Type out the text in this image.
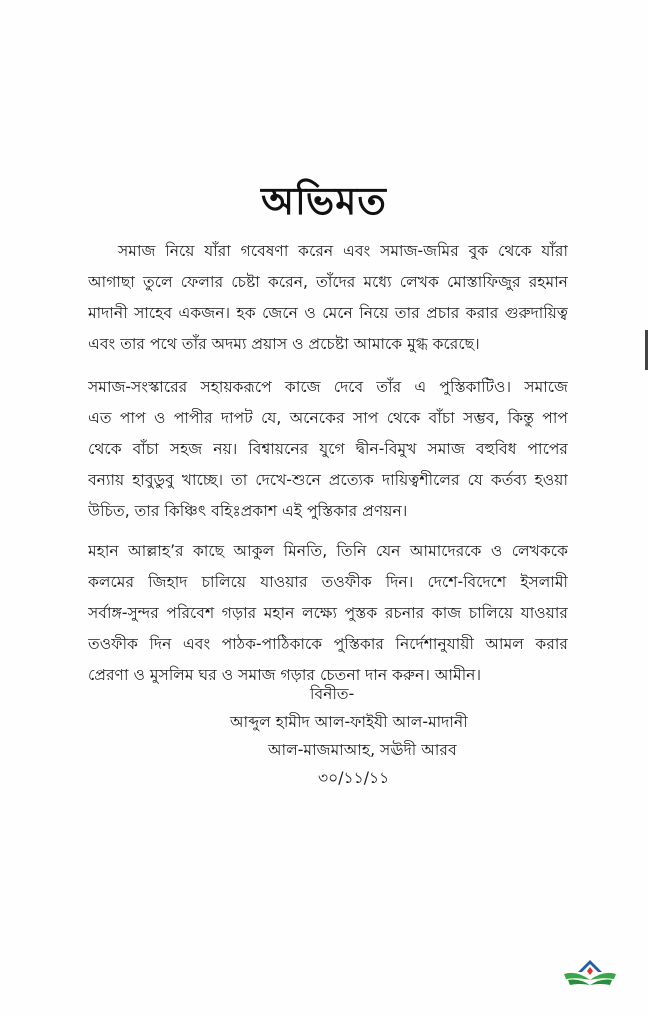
অভিমত
সমাজ নিয়ে যাঁরা গবেষণা করেন এবং সমাজ-জমির বুক থেকে যাঁরা
আগাছা তুলে ফেলার চেষ্টা করেন, তাঁদের মধ্যে লেখক মোস্তাফিজুর রহমান
মাদানী সাহেব একজন। হক জেনে ও মেনে নিয়ে তার প্রচার করার গুরুদায়িত্ব
এবং তার পথে তাঁর অদম্য প্রয়াস ও প্রচেষ্টা আমাকে মুগ্ধ করেছে।
সমাজ-সংস্কারের সহায়করূপে কাজে দেবে তাঁর এ পুস্তিকাটিও। সমাজে
এত পাপ ও পাপীর দাপট যে, অনেকের সাপ থেকে বাঁচা সম্ভব, কিন্তু পাপ
থেকে বাঁচা সহজ নয়। বিশ্বায়নের যুগে দ্বীন-বিমুখ সমাজ বহুবিধ পাপের
বন্যায় হাবুডুবু খাচ্ছে। তা দেখে-শুনে প্রত্যেক দায়িত্বশীলের যে কর্তব্য হওয়া
উচিত, তার কিঞ্চিৎ বহিঃপ্রকাশ এই পুস্তিকার প্রণয়ন।
মহান আল্লাহ’র কাছে আকুল মিনতি, তিনি যেন আমাদেরকে ও লেখককে
কলমের জিহাদ চালিয়ে যাওয়ার তওফীক দিন। দেশে-বিদেশে ইসলামী
সর্বাঙ্গ-সুন্দর পরিবেশ গড়ার মহান লক্ষ্যে পুস্তক রচনার কাজ চালিয়ে যাওয়ার
তওফীক দিন এবং পাঠক-পাঠিকাকে পুস্তিকার নির্দেশানুযায়ী আমল করার
প্রেরণা ও মুসলিম ঘর ও সমাজ গড়ার চেতনা দান করুন। আমীন।
বিনীত-
আব্দুল হামীদ আল-ফাইযী আল-মাদানী
আল-মাজমাআহ, সঊদী আরব
৩০/১১/১১
